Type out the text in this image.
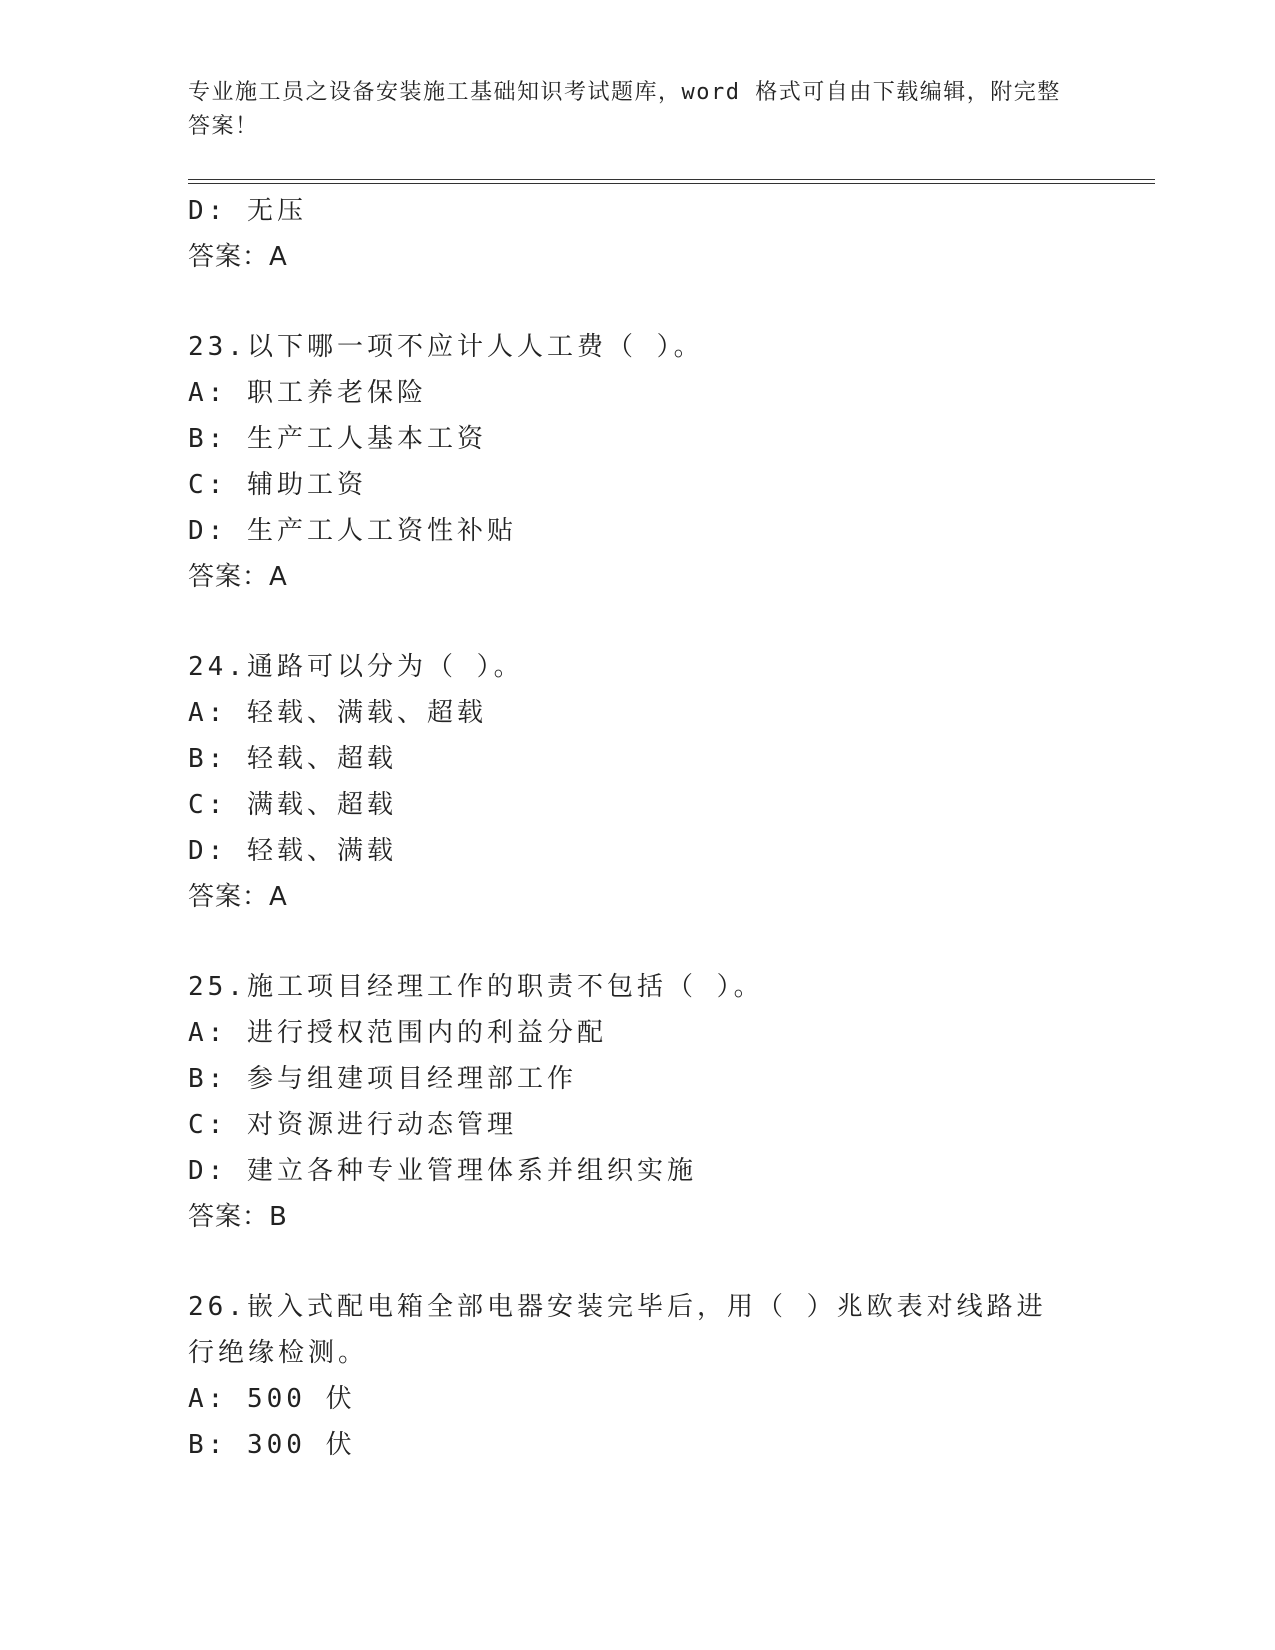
专业施工员之设备安装施工基础知识考试题库，word 格式可自由下载编辑，附完整答案！
D: 无压
答案：A
23.以下哪一项不应计人人工费（ ）。
A: 职工养老保险
B: 生产工人基本工资
C: 辅助工资
D: 生产工人工资性补贴
答案：A
24.通路可以分为（ ）。
A: 轻载、满载、超载
B: 轻载、超载
C: 满载、超载
D: 轻载、满载
答案：A
25.施工项目经理工作的职责不包括（ ）。
A: 进行授权范围内的利益分配
B: 参与组建项目经理部工作
C: 对资源进行动态管理
D: 建立各种专业管理体系并组织实施
答案：B
26.嵌入式配电箱全部电器安装完毕后，用（ ）兆欧表对线路进行绝缘检测。
A: 500 伏
B: 300 伏
